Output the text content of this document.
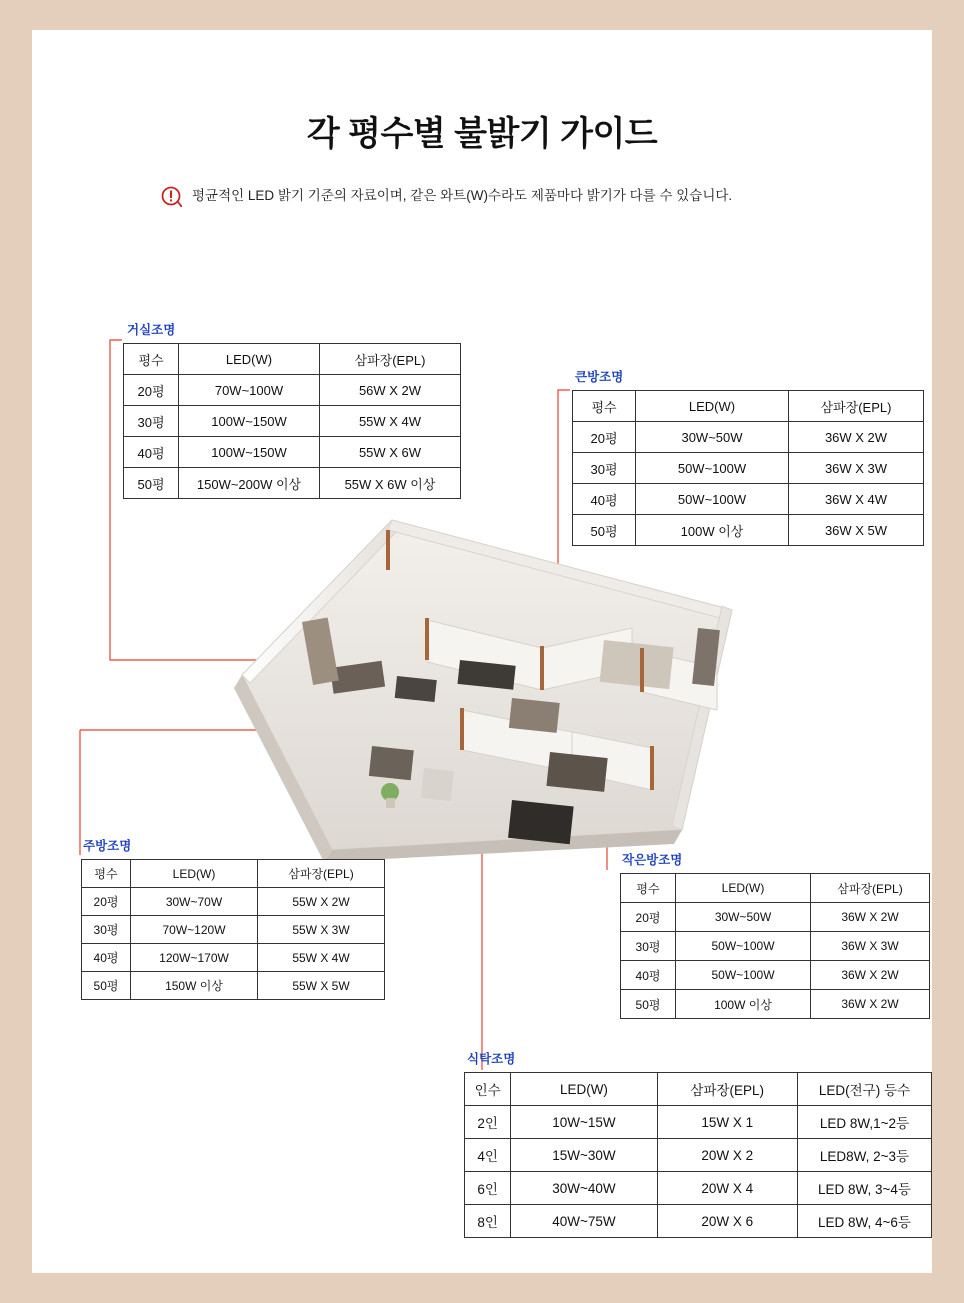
각 평수별 불밝기 가이드
평균적인 LED 밝기 기준의 자료이며, 같은 와트(W)수라도 제품마다 밝기가 다를 수 있습니다.
거실조명
평수	LED(W)	삼파장(EPL)
20평	70W~100W	56W X 2W
30평	100W~150W	55W X 4W
40평	100W~150W	55W X 6W
50평	150W~200W 이상	55W X 6W 이상
큰방조명
평수	LED(W)	삼파장(EPL)
20평	30W~50W	36W X 2W
30평	50W~100W	36W X 3W
40평	50W~100W	36W X 4W
50평	100W 이상	36W X 5W
주방조명
평수	LED(W)	삼파장(EPL)
20평	30W~70W	55W X 2W
30평	70W~120W	55W X 3W
40평	120W~170W	55W X 4W
50평	150W 이상	55W X 5W
작은방조명
평수	LED(W)	삼파장(EPL)
20평	30W~50W	36W X 2W
30평	50W~100W	36W X 3W
40평	50W~100W	36W X 2W
50평	100W 이상	36W X 2W
식탁조명
인수	LED(W)	삼파장(EPL)	LED(전구) 등수
2인	10W~15W	15W X 1	LED 8W,1~2등
4인	15W~30W	20W X 2	LED8W, 2~3등
6인	30W~40W	20W X 4	LED 8W, 3~4등
8인	40W~75W	20W X 6	LED 8W, 4~6등
